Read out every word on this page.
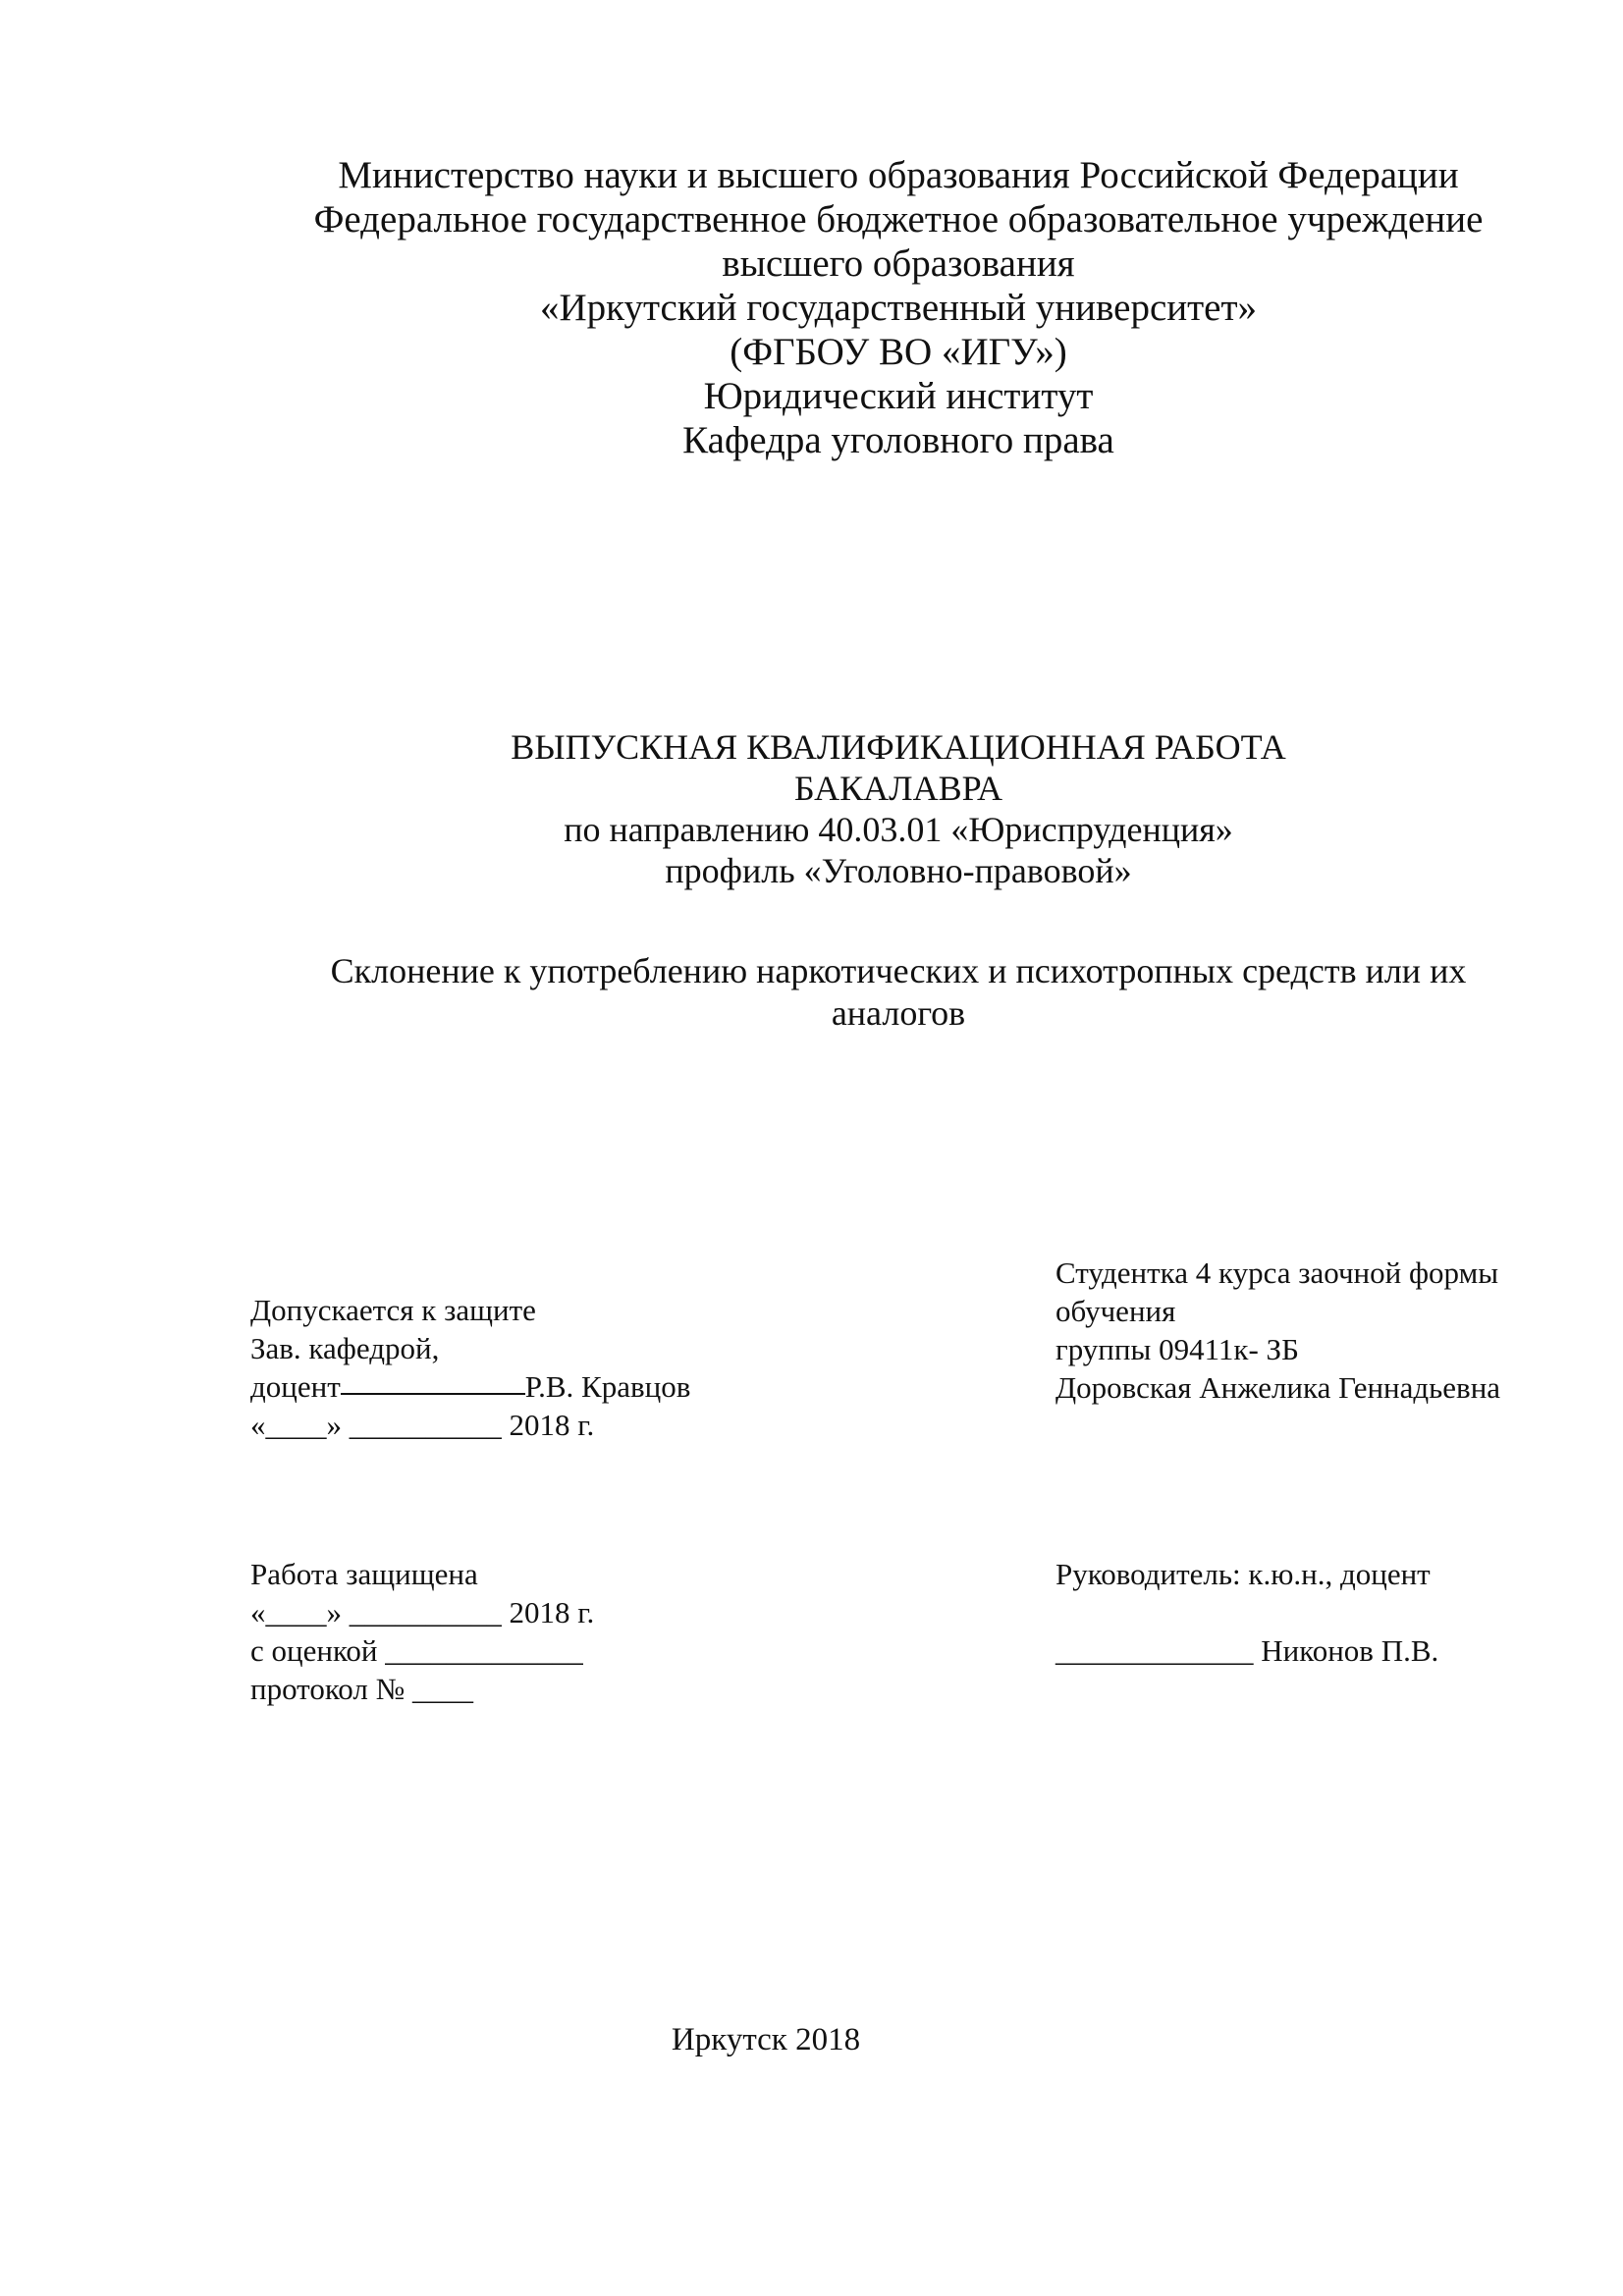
Министерство науки и высшего образования Российской Федерации
Федеральное государственное бюджетное образовательное учреждение
высшего образования
«Иркутский государственный университет»
(ФГБОУ ВО «ИГУ»)
Юридический институт
Кафедра уголовного права
ВЫПУСКНАЯ КВАЛИФИКАЦИОННАЯ РАБОТА
БАКАЛАВРА
по направлению 40.03.01 «Юриспруденция»
профиль «Уголовно-правовой»
Склонение к употреблению наркотических и психотропных средств или их
аналогов
Допускается к защите
Зав. кафедрой,
доцент	Р.В. Кравцов
«____» __________ 2018 г.
Студентка 4 курса заочной формы
обучения
группы 09411к- ЗБ
Доровская Анжелика Геннадьевна
Работа защищена
«____» __________ 2018 г.
с оценкой _____________
протокол № ____
Руководитель: к.ю.н., доцент

_____________ Никонов П.В.
Иркутск 2018
